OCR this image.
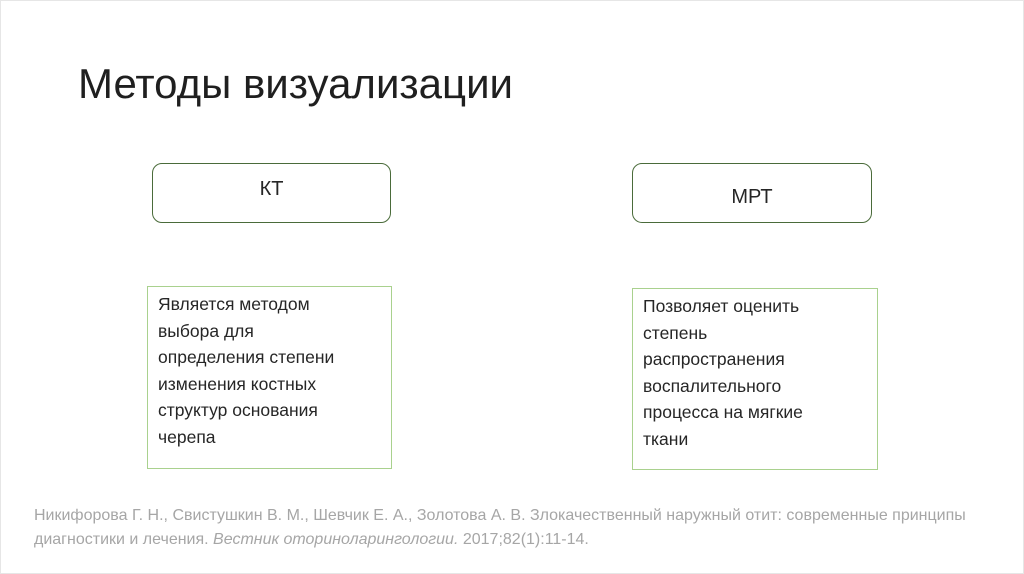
Методы визуализации
КТ	МРТ
Является методом
выбора для
определения степени
изменения костных
структур основания
черепа
Позволяет оценить
степень
распространения
воспалительного
процесса на мягкие
ткани
Никифорова Г. Н., Свистушкин В. М., Шевчик Е. А., Золотова А. В. Злокачественный наружный отит: современные принципы диагностики и лечения. Вестник оториноларингологии. 2017;82(1):11-14.
